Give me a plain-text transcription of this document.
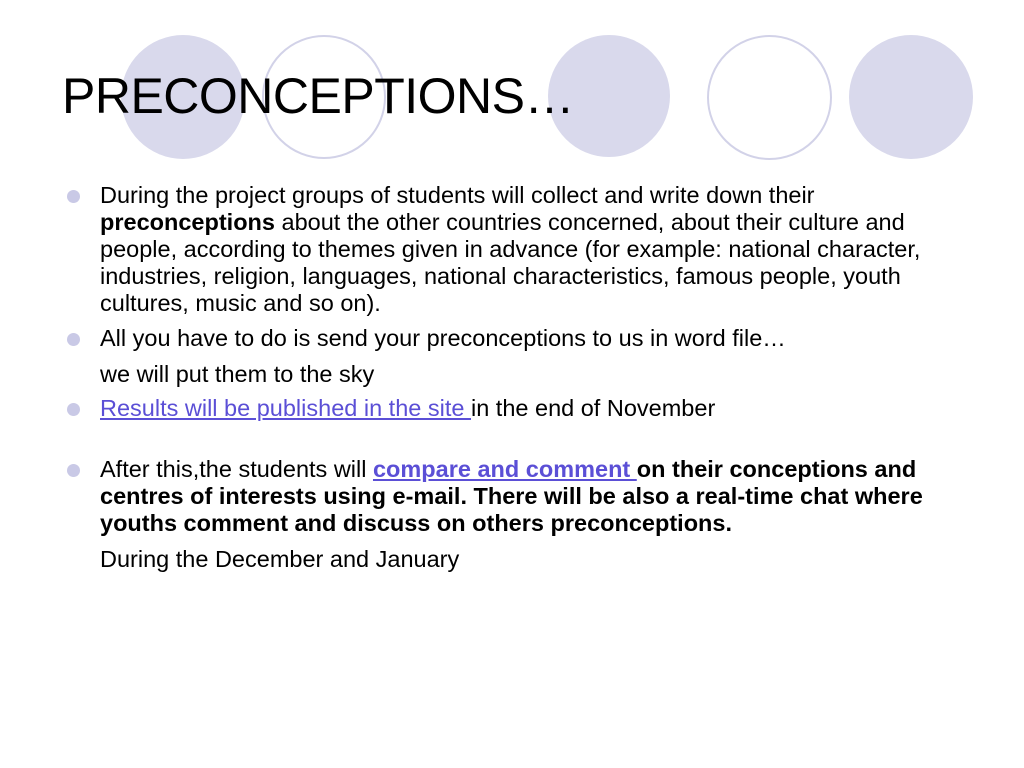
PRECONCEPTIONS…
During the project groups of students will collect and write down their preconceptions about the other countries concerned, about their culture and people, according to themes given in advance (for example: national character, industries, religion, languages, national characteristics, famous people, youth cultures, music and so on).
All you have to do is send your preconceptions to us in word file…
we will put them to the sky
Results will be published in the site in the end of November
After this,the students will compare and comment on their conceptions and centres of interests using e-mail. There will be also a real-time chat where youths comment and discuss on others preconceptions.
During the December and January
